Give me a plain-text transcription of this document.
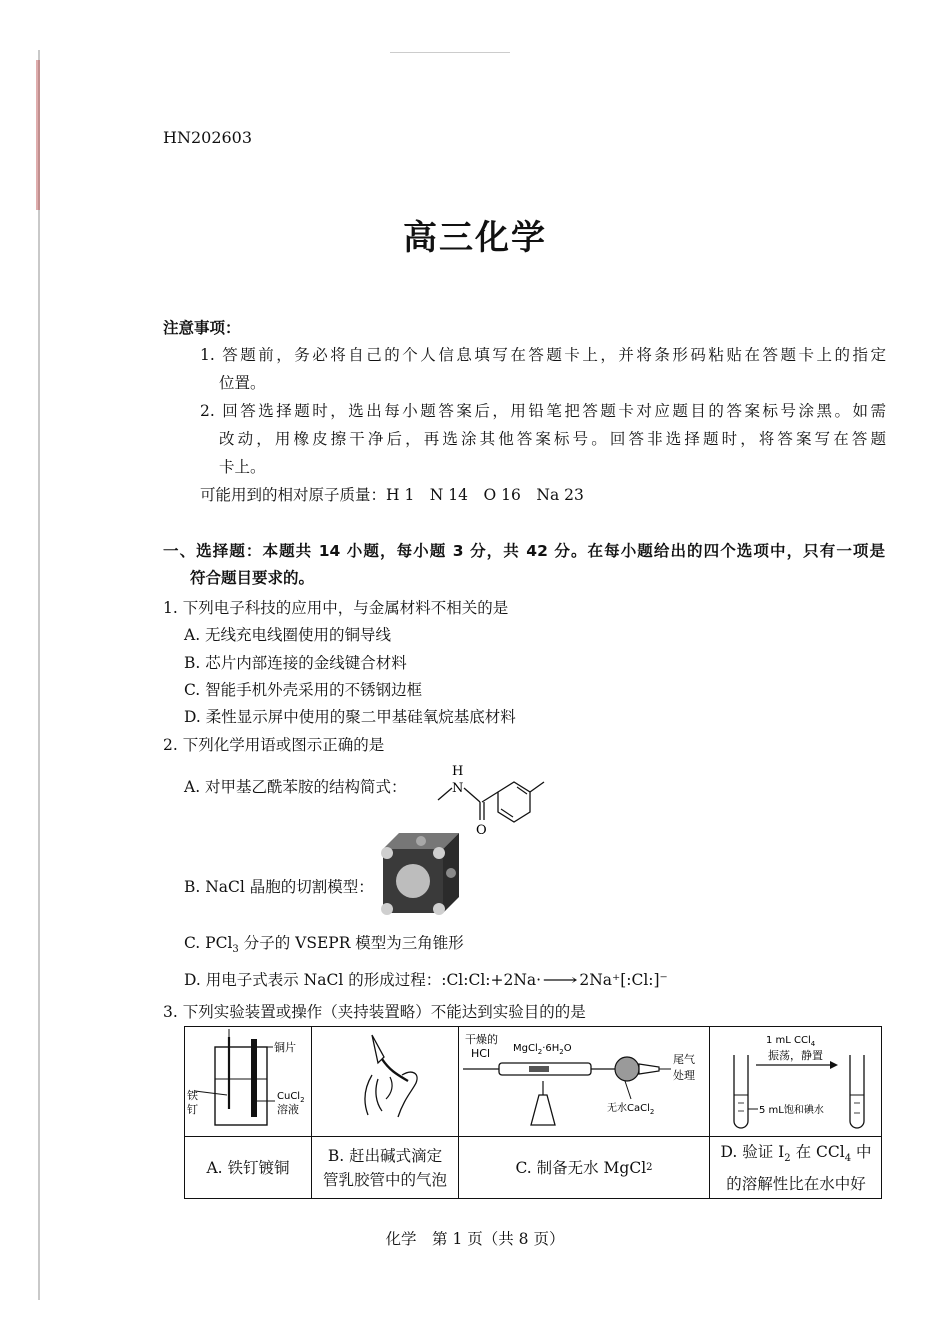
HN202603
高三化学
注意事项：
1. 答题前，务必将自己的个人信息填写在答题卡上，并将条形码粘贴在答题卡上的指定
位置。
2. 回答选择题时，选出每小题答案后，用铅笔把答题卡对应题目的答案标号涂黑。如需
改动，用橡皮擦干净后，再选涂其他答案标号。回答非选择题时，将答案写在答题
卡上。
可能用到的相对原子质量：H 1　N 14　O 16　Na 23
一、选择题：本题共 14 小题，每小题 3 分，共 42 分。在每小题给出的四个选项中，只有一项是
符合题目要求的。
1. 下列电子科技的应用中，与金属材料不相关的是
A. 无线充电线圈使用的铜导线
B. 芯片内部连接的金线键合材料
C. 智能手机外壳采用的不锈钢边框
D. 柔性显示屏中使用的聚二甲基硅氧烷基底材料
2. 下列化学用语或图示正确的是
A. 对甲基乙酰苯胺的结构简式：
H
N
O
B. NaCl 晶胞的切割模型：
C. PCl$_3$ 分子的 VSEPR 模型为三角锥形
D. 用电子式表示 NaCl 的形成过程：:Cl:Cl:+2Na·⟶2Na⁺[:Cl:]⁻
3. 下列实验装置或操作（夹持装置略）不能达到实验目的的是
铜片
铁
钉
CuCl$_2$
溶液
干燥的
HCl $MgCl_2\cdot 6H_2O$
尾气
处理
无水CaCl$_2$
1 mL CCl$_4$
振荡，静置
5 mL饱和碘水
A. 铁钉镀铜
B. 赶出碱式滴定
管乳胶管中的气泡
C. 制备无水 MgCl 2
D. 验证 $I_2$ 在 CCl$_4$ 中
的溶解性比在水中好
化学　第 1 页（共 8 页）
